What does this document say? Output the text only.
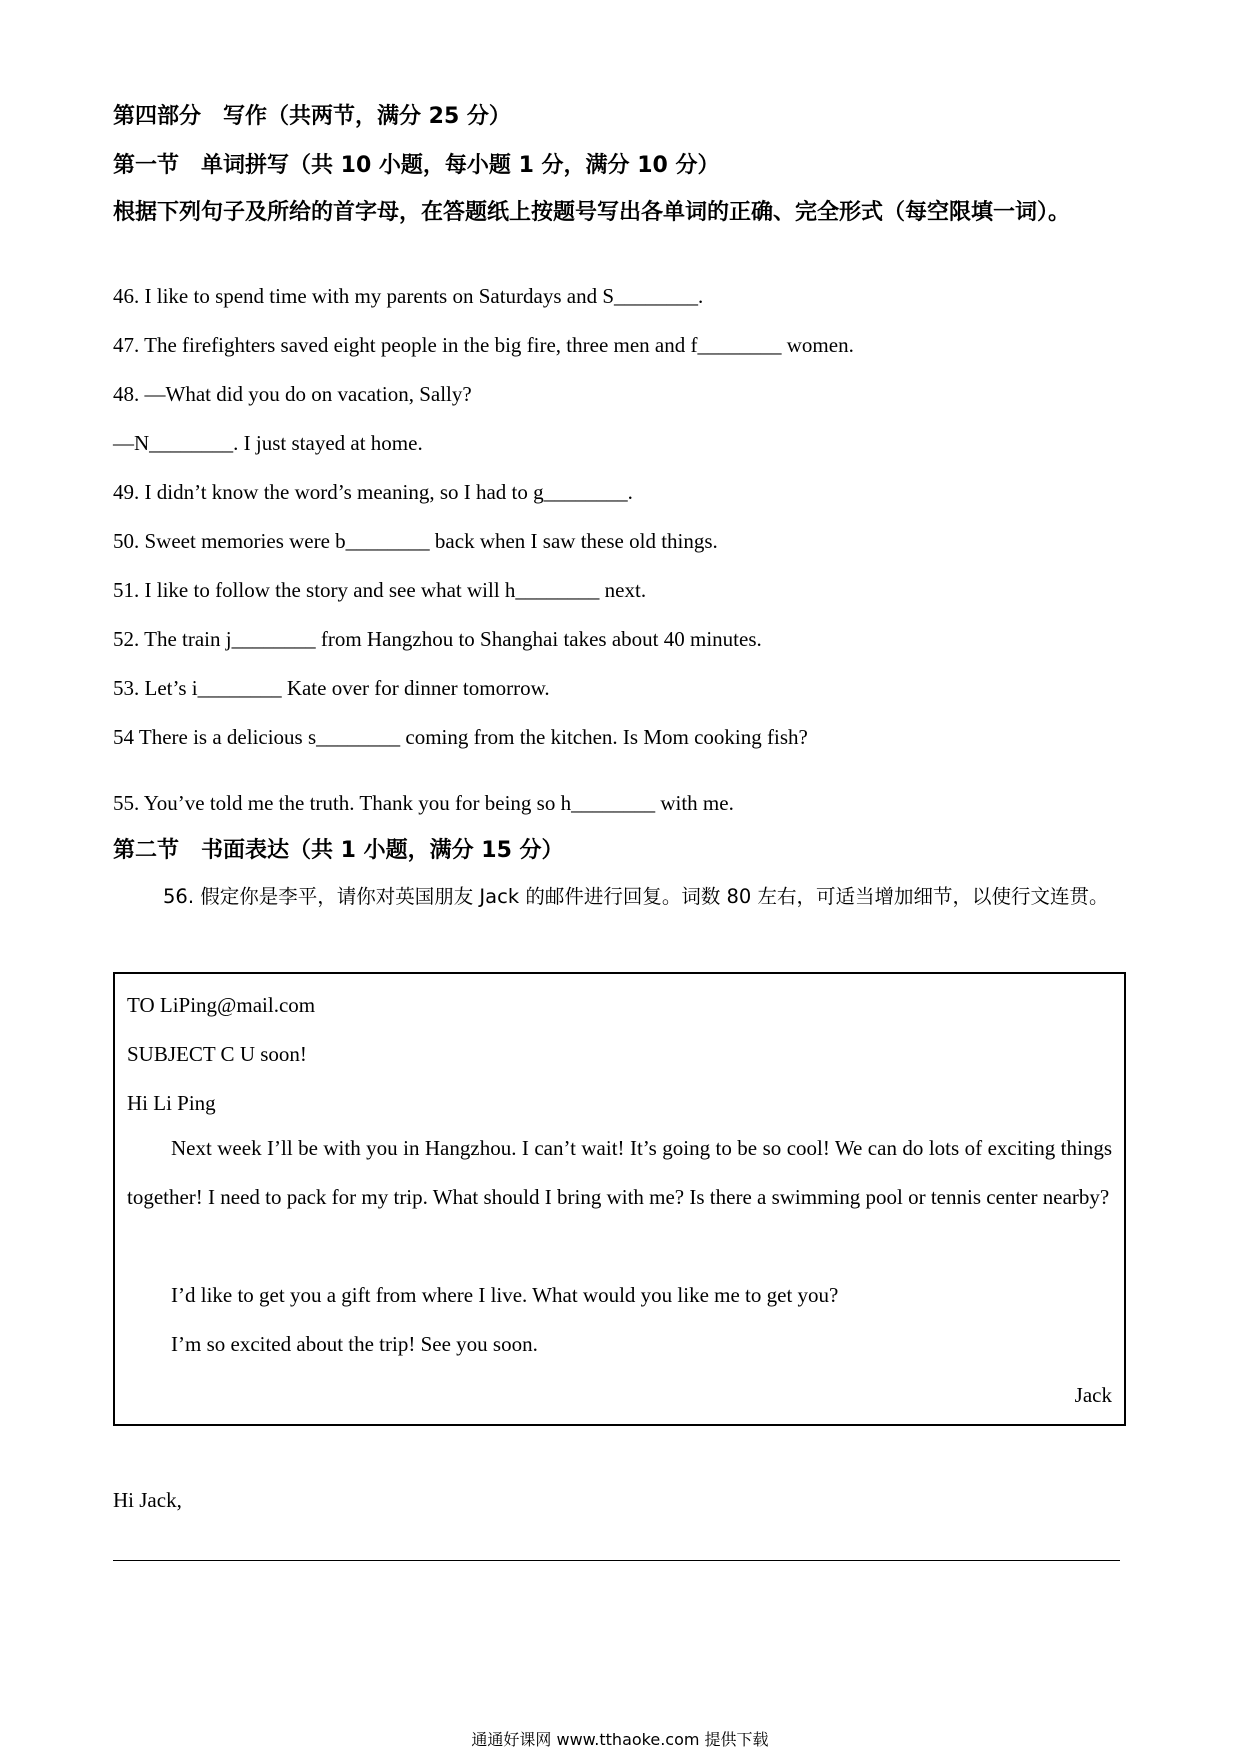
第四部分　写作（共两节，满分 25 分）
第一节　单词拼写（共 10 小题，每小题 1 分，满分 10 分）
根据下列句子及所给的首字母，在答题纸上按题号写出各单词的正确、完全形式（每空限填一词）。
46. I like to spend time with my parents on Saturdays and S________.
47. The firefighters saved eight people in the big fire, three men and f________ women.
48. —What did you do on vacation, Sally?
—N________. I just stayed at home.
49. I didn’t know the word’s meaning, so I had to g________.
50. Sweet memories were b________ back when I saw these old things.
51. I like to follow the story and see what will h________ next.
52. The train j________ from Hangzhou to Shanghai takes about 40 minutes.
53. Let’s i________ Kate over for dinner tomorrow.
54 There is a delicious s________ coming from the kitchen. Is Mom cooking fish?
55. You’ve told me the truth. Thank you for being so h________ with me.
第二节　书面表达（共 1 小题，满分 15 分）
56. 假定你是李平，请你对英国朋友 Jack 的邮件进行回复。词数 80 左右，可适当增加细节，以使行文连贯。
TO LiPing@mail.com
SUBJECT C U soon!
Hi Li Ping
Next week I’ll be with you in Hangzhou. I can’t wait! It’s going to be so cool! We can do lots of exciting things together! I need to pack for my trip. What should I bring with me? Is there a swimming pool or tennis center nearby?
I’d like to get you a gift from where I live. What would you like me to get you?
I’m so excited about the trip! See you soon.
Jack
Hi Jack,
通通好课网 www.tthaoke.com 提供下载
